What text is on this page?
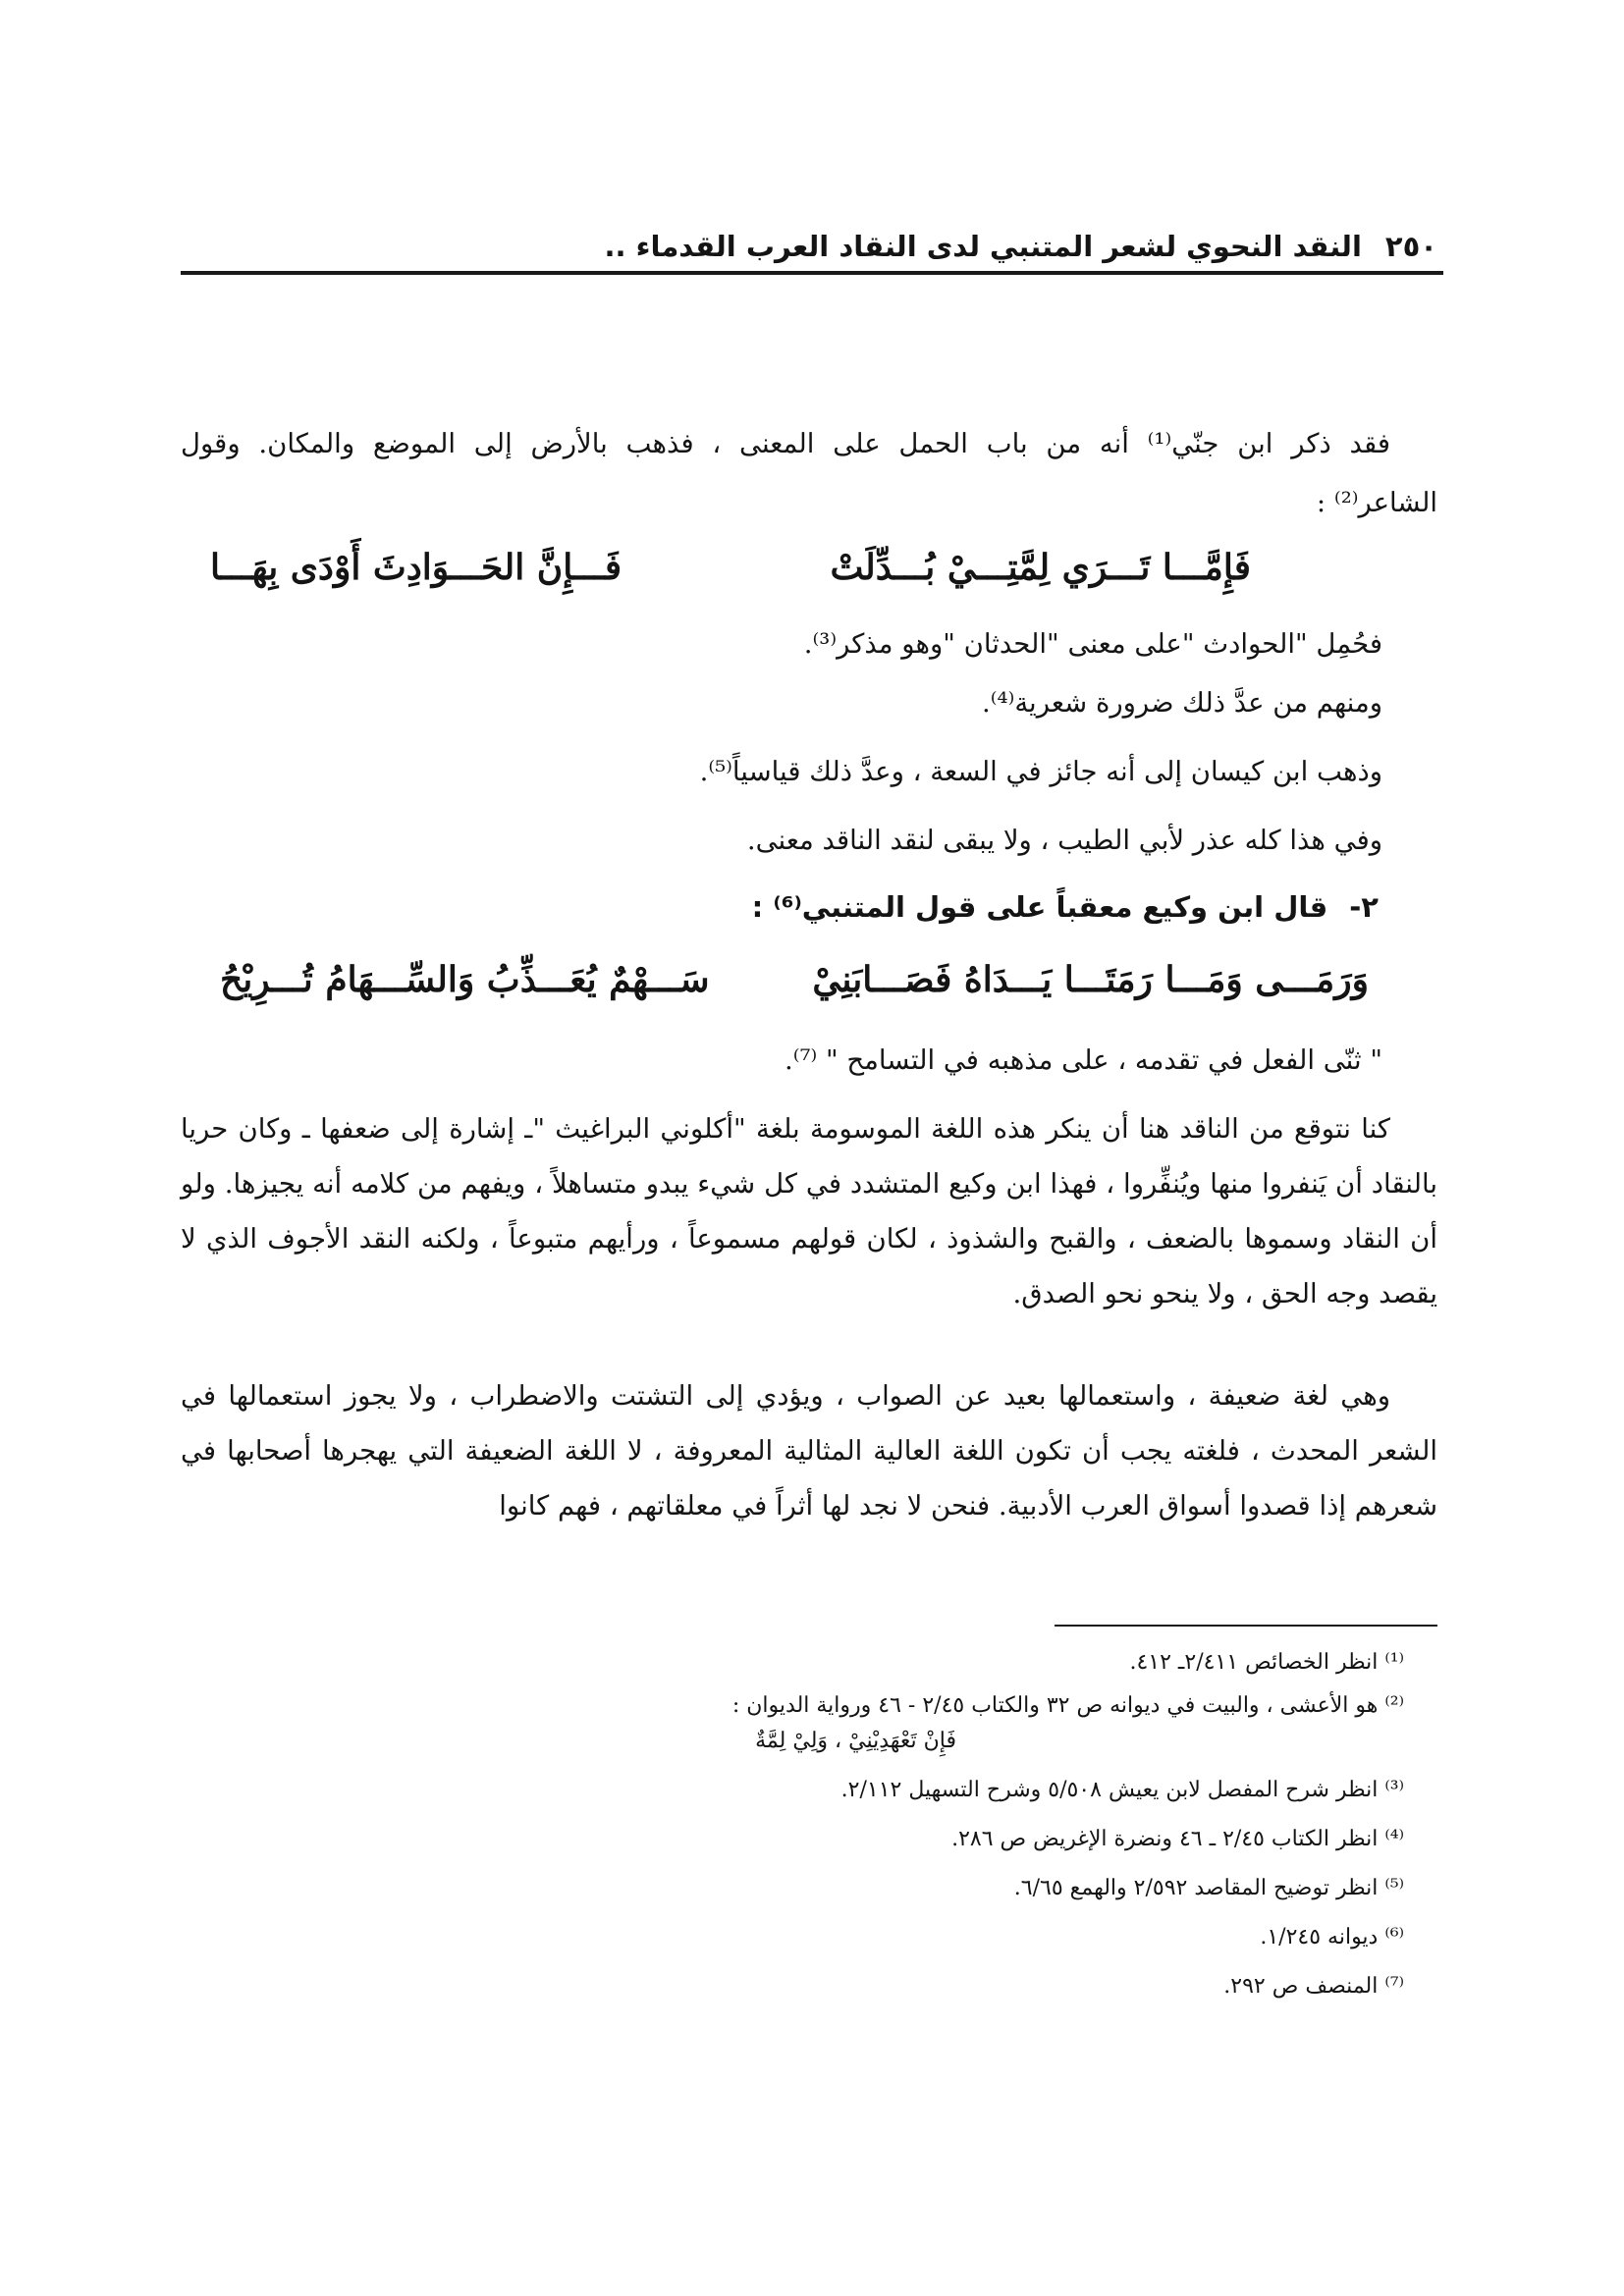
٢٥٠
النقد النحوي لشعر المتنبي لدى النقاد العرب القدماء ..
فقد ذكر ابن جنّي⁽¹⁾ أنه من باب الحمل على المعنى ، فذهب بالأرض إلى الموضع والمكان. وقول
الشاعر⁽²⁾ :
فَإِمَّـــا تَـــرَي لِمَّتِـــيْ بُـــدِّلَتْ
فَـــإِنَّ الحَـــوَادِثَ أَوْدَى بِهَـــا
فحُمِل "الحوادث "على معنى "الحدثان "وهو مذكر⁽³⁾.
ومنهم من عدَّ ذلك ضرورة شعرية⁽⁴⁾.
وذهب ابن كيسان إلى أنه جائز في السعة ، وعدَّ ذلك قياسياً⁽⁵⁾.
وفي هذا كله عذر لأبي الطيب ، ولا يبقى لنقد الناقد معنى.
٢-قال ابن وكيع معقباً على قول المتنبي⁽⁶⁾ :
وَرَمَـــى وَمَـــا رَمَتَـــا يَـــدَاهُ فَصَـــابَنِيْ
سَـــهْمٌ يُعَـــذِّبُ وَالسِّـــهَامُ تُـــرِيْحُ
" ثنّى الفعل في تقدمه ، على مذهبه في التسامح " ⁽⁷⁾.
كنا نتوقع من الناقد هنا أن ينكر هذه اللغة الموسومة بلغة "أكلوني البراغيث "ـ إشارة إلى ضعفها ـ وكان حريا بالنقاد أن يَنفروا منها ويُنفِّروا ، فهذا ابن وكيع المتشدد في كل شيء يبدو متساهلاً ، ويفهم من كلامه أنه يجيزها. ولو أن النقاد وسموها بالضعف ، والقبح والشذوذ ، لكان قولهم مسموعاً ، ورأيهم متبوعاً ، ولكنه النقد الأجوف الذي لا يقصد وجه الحق ، ولا ينحو نحو الصدق.
وهي لغة ضعيفة ، واستعمالها بعيد عن الصواب ، ويؤدي إلى التشتت والاضطراب ، ولا يجوز استعمالها في الشعر المحدث ، فلغته يجب أن تكون اللغة العالية المثالية المعروفة ، لا اللغة الضعيفة التي يهجرها أصحابها في شعرهم إذا قصدوا أسواق العرب الأدبية. فنحن لا نجد لها أثراً في معلقاتهم ، فهم كانوا
⁽¹⁾ انظر الخصائص ٢/٤١١ـ ٤١٢.
⁽²⁾ هو الأعشى ، والبيت في ديوانه ص ٣٢ والكتاب ٢/٤٥ - ٤٦ ورواية الديوان :
فَإِنْ تَعْهَدِيْنِيْ ، وَلِيْ لِمَّةٌ
⁽³⁾ انظر شرح المفصل لابن يعيش ٥/٥٠٨ وشرح التسهيل ٢/١١٢.
⁽⁴⁾ انظر الكتاب ٢/٤٥ ـ ٤٦ ونضرة الإغريض ص ٢٨٦.
⁽⁵⁾ انظر توضيح المقاصد ٢/٥٩٢ والهمع ٦/٦٥.
⁽⁶⁾ ديوانه ١/٢٤٥.
⁽⁷⁾ المنصف ص ٢٩٢.
